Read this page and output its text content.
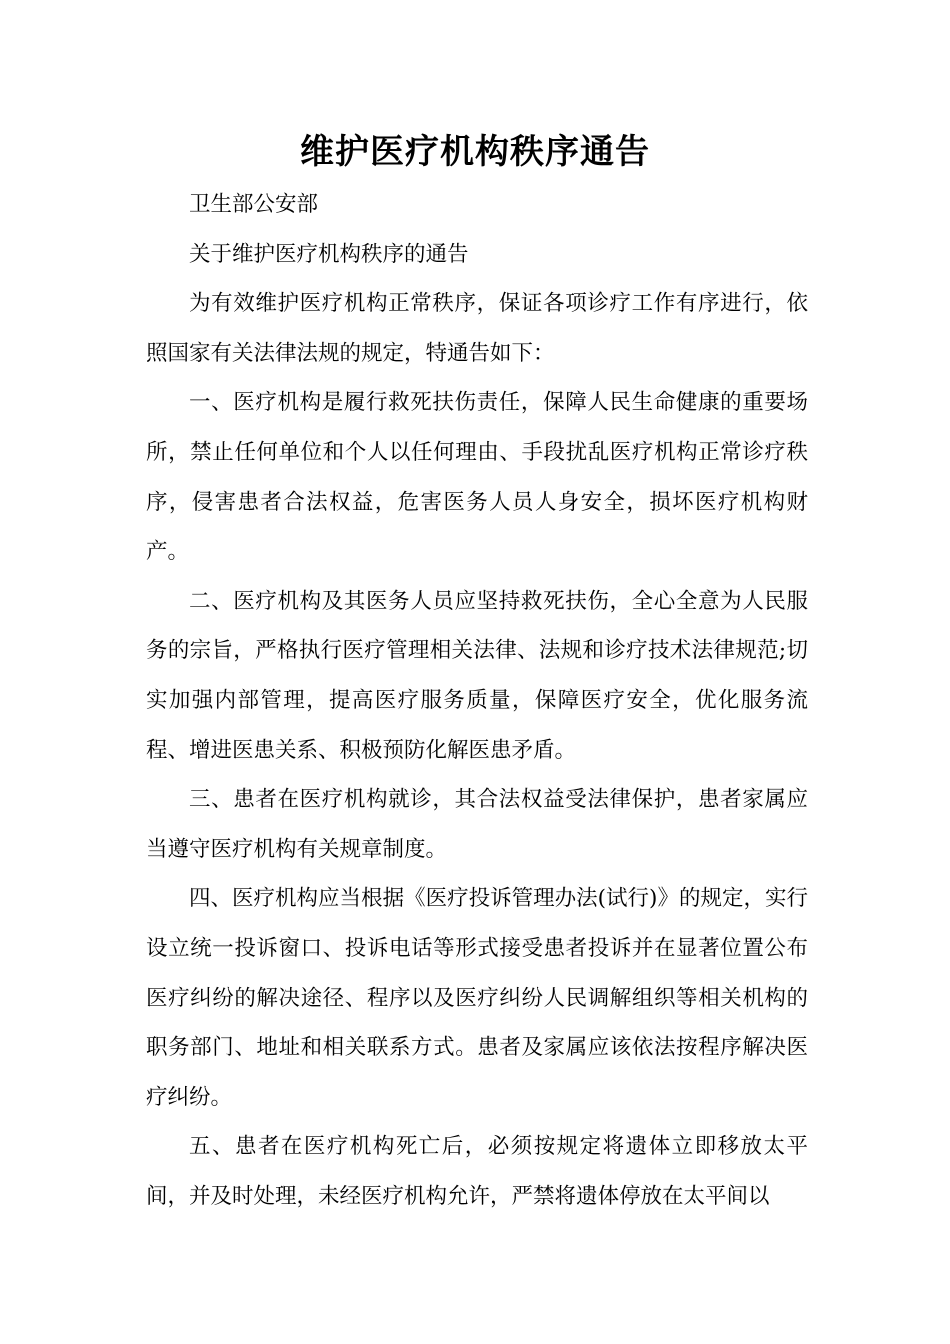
维护医疗机构秩序通告

卫生部公安部

关于维护医疗机构秩序的通告

为有效维护医疗机构正常秩序，保证各项诊疗工作有序进行，依照国家有关法律法规的规定，特通告如下：

一、医疗机构是履行救死扶伤责任，保障人民生命健康的重要场所，禁止任何单位和个人以任何理由、手段扰乱医疗机构正常诊疗秩序，侵害患者合法权益，危害医务人员人身安全，损坏医疗机构财产。

二、医疗机构及其医务人员应坚持救死扶伤，全心全意为人民服务的宗旨，严格执行医疗管理相关法律、法规和诊疗技术法律规范;切实加强内部管理，提高医疗服务质量，保障医疗安全，优化服务流程、增进医患关系、积极预防化解医患矛盾。

三、患者在医疗机构就诊，其合法权益受法律保护，患者家属应当遵守医疗机构有关规章制度。

四、医疗机构应当根据《医疗投诉管理办法(试行)》的规定，实行设立统一投诉窗口、投诉电话等形式接受患者投诉并在显著位置公布医疗纠纷的解决途径、程序以及医疗纠纷人民调解组织等相关机构的职务部门、地址和相关联系方式。患者及家属应该依法按程序解决医疗纠纷。

五、患者在医疗机构死亡后，必须按规定将遗体立即移放太平间，并及时处理，未经医疗机构允许，严禁将遗体停放在太平间以
